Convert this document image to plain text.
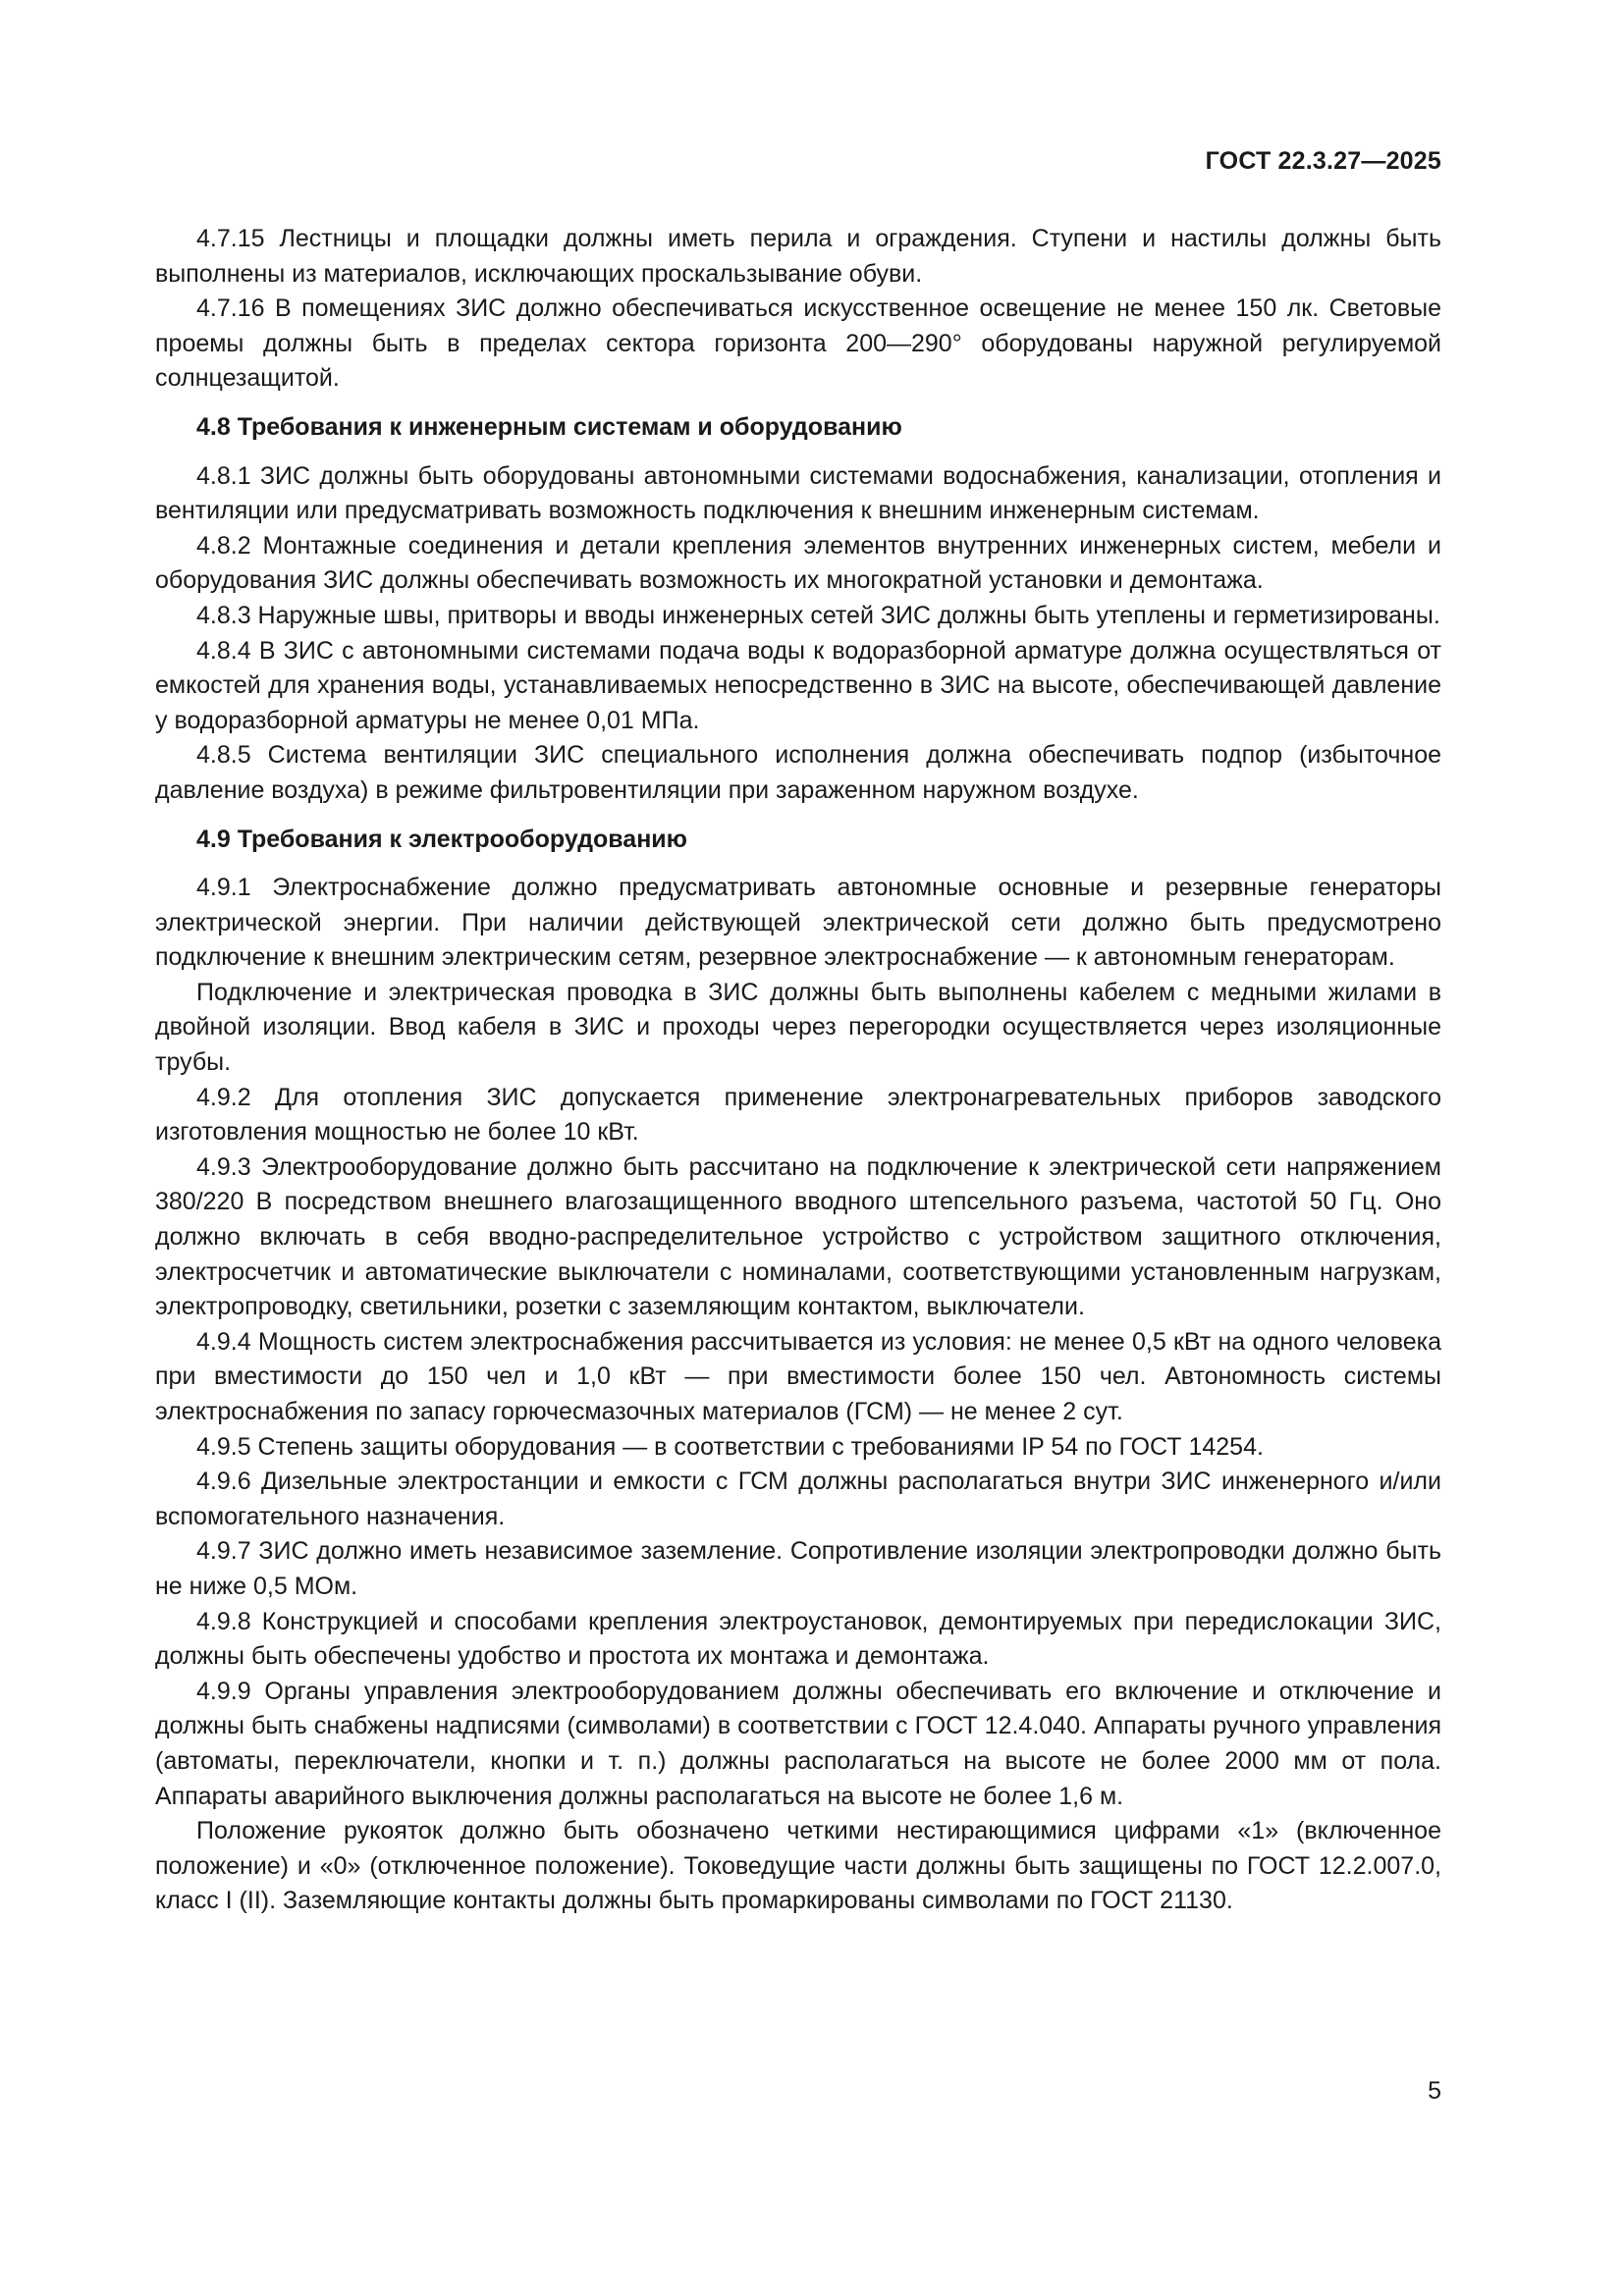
ГОСТ 22.3.27—2025

4.7.15 Лестницы и площадки должны иметь перила и ограждения. Ступени и настилы должны быть выполнены из материалов, исключающих проскальзывание обуви.

4.7.16 В помещениях ЗИС должно обеспечиваться искусственное освещение не менее 150 лк. Световые проемы должны быть в пределах сектора горизонта 200—290° оборудованы наружной регулируемой солнцезащитой.

4.8 Требования к инженерным системам и оборудованию

4.8.1 ЗИС должны быть оборудованы автономными системами водоснабжения, канализации, отопления и вентиляции или предусматривать возможность подключения к внешним инженерным системам.

4.8.2 Монтажные соединения и детали крепления элементов внутренних инженерных систем, мебели и оборудования ЗИС должны обеспечивать возможность их многократной установки и демонтажа.

4.8.3 Наружные швы, притворы и вводы инженерных сетей ЗИС должны быть утеплены и герметизированы.

4.8.4 В ЗИС с автономными системами подача воды к водоразборной арматуре должна осуществляться от емкостей для хранения воды, устанавливаемых непосредственно в ЗИС на высоте, обеспечивающей давление у водоразборной арматуры не менее 0,01 МПа.

4.8.5 Система вентиляции ЗИС специального исполнения должна обеспечивать подпор (избыточное давление воздуха) в режиме фильтровентиляции при зараженном наружном воздухе.

4.9 Требования к электрооборудованию

4.9.1 Электроснабжение должно предусматривать автономные основные и резервные генераторы электрической энергии. При наличии действующей электрической сети должно быть предусмотрено подключение к внешним электрическим сетям, резервное электроснабжение — к автономным генераторам.

Подключение и электрическая проводка в ЗИС должны быть выполнены кабелем с медными жилами в двойной изоляции. Ввод кабеля в ЗИС и проходы через перегородки осуществляется через изоляционные трубы.

4.9.2 Для отопления ЗИС допускается применение электронагревательных приборов заводского изготовления мощностью не более 10 кВт.

4.9.3 Электрооборудование должно быть рассчитано на подключение к электрической сети напряжением 380/220 В посредством внешнего влагозащищенного вводного штепсельного разъема, частотой 50 Гц. Оно должно включать в себя вводно-распределительное устройство с устройством защитного отключения, электросчетчик и автоматические выключатели с номиналами, соответствующими установленным нагрузкам, электропроводку, светильники, розетки с заземляющим контактом, выключатели.

4.9.4 Мощность систем электроснабжения рассчитывается из условия: не менее 0,5 кВт на одного человека при вместимости до 150 чел и 1,0 кВт — при вместимости более 150 чел. Автономность системы электроснабжения по запасу горючесмазочных материалов (ГСМ) — не менее 2 сут.

4.9.5 Степень защиты оборудования — в соответствии с требованиями IP 54 по ГОСТ 14254.

4.9.6 Дизельные электростанции и емкости с ГСМ должны располагаться внутри ЗИС инженерного и/или вспомогательного назначения.

4.9.7 ЗИС должно иметь независимое заземление. Сопротивление изоляции электропроводки должно быть не ниже 0,5 МОм.

4.9.8 Конструкцией и способами крепления электроустановок, демонтируемых при передислокации ЗИС, должны быть обеспечены удобство и простота их монтажа и демонтажа.

4.9.9 Органы управления электрооборудованием должны обеспечивать его включение и отключение и должны быть снабжены надписями (символами) в соответствии с ГОСТ 12.4.040. Аппараты ручного управления (автоматы, переключатели, кнопки и т. п.) должны располагаться на высоте не более 2000 мм от пола. Аппараты аварийного выключения должны располагаться на высоте не более 1,6 м.

Положение рукояток должно быть обозначено четкими нестирающимися цифрами «1» (включенное положение) и «0» (отключенное положение). Токоведущие части должны быть защищены по ГОСТ 12.2.007.0, класс I (II). Заземляющие контакты должны быть промаркированы символами по ГОСТ 21130.

5
